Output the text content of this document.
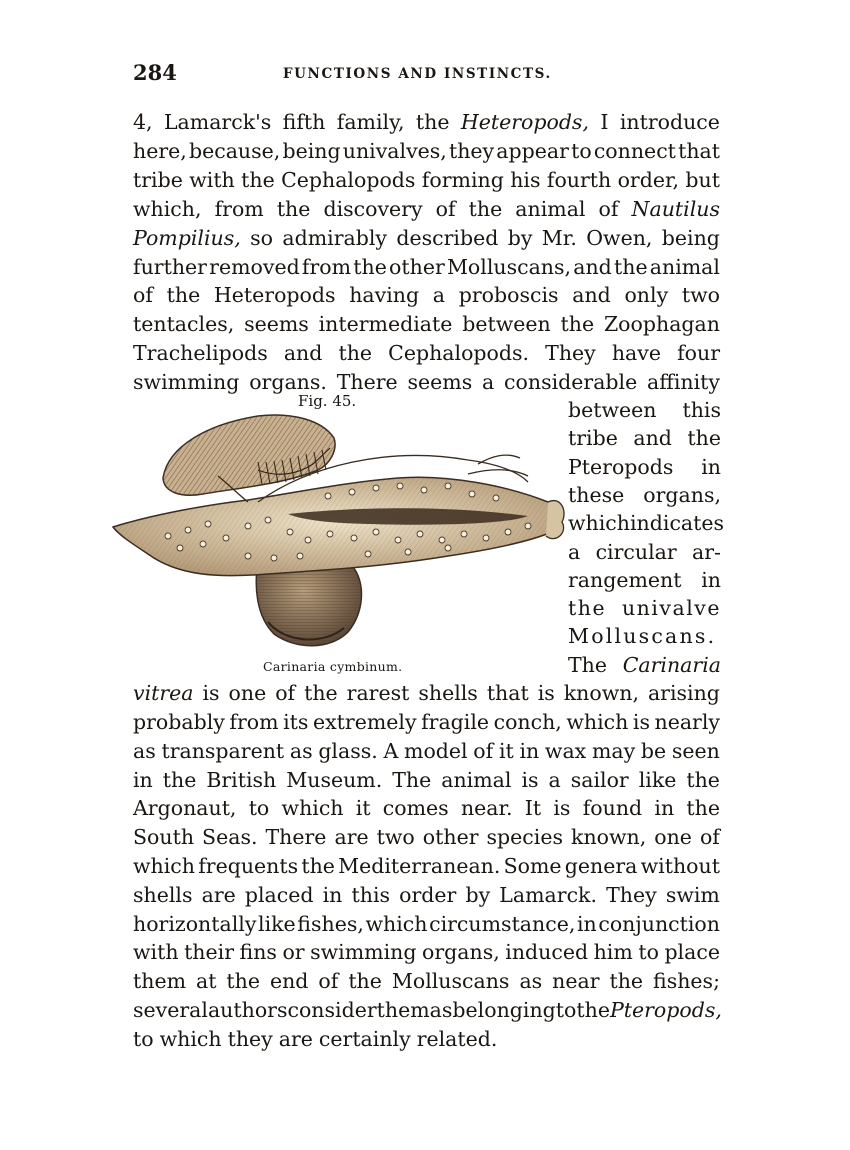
284	FUNCTIONS AND INSTINCTS.
4, Lamarck's fifth family, the Heteropods, I introduce
here, because, being univalves, they appear to connect that
tribe with the Cephalopods forming his fourth order, but
which, from the discovery of the animal of Nautilus
Pompilius, so admirably described by Mr. Owen, being
further removed from the other Molluscans, and the animal
of the Heteropods having a proboscis and only two
tentacles, seems intermediate between the Zoophagan
Trachelipods and the Cephalopods. They have four
swimming organs. There seems a considerable affinity
between this
tribe and the
Pteropods in
these organs,
which indicates
a circular ar-
rangement in
the univalve
Molluscans.
The Carinaria
vitrea is one of the rarest shells that is known, arising
probably from its extremely fragile conch, which is nearly
as transparent as glass. A model of it in wax may be seen
in the British Museum. The animal is a sailor like the
Argonaut, to which it comes near. It is found in the
South Seas. There are two other species known, one of
which frequents the Mediterranean. Some genera without
shells are placed in this order by Lamarck. They swim
horizontally like fishes, which circumstance, in conjunction
with their fins or swimming organs, induced him to place
them at the end of the Molluscans as near the fishes;
several authors consider them as belonging to the Pteropods,
to which they are certainly related.
Fig. 45.
Carinaria cymbinum.
